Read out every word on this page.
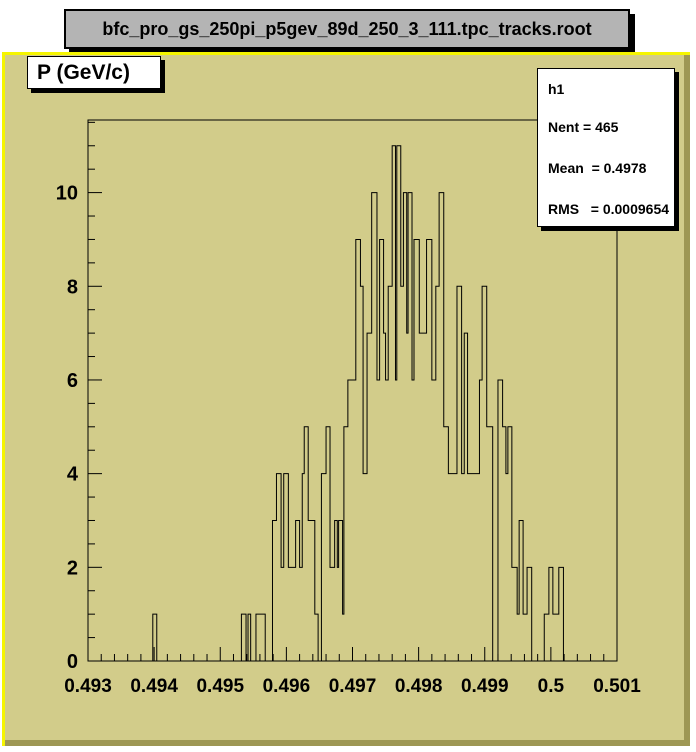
bfc_pro_gs_250pi_p5gev_89d_250_3_111.tpc_tracks.root
0.493 0.494 0.495 0.496 0.497 0.498 0.499 0.5 0.501
0
2
4
6
8
10
P (GeV/c)
h1
Nent = 465
Mean  = 0.4978
RMS   = 0.0009654
